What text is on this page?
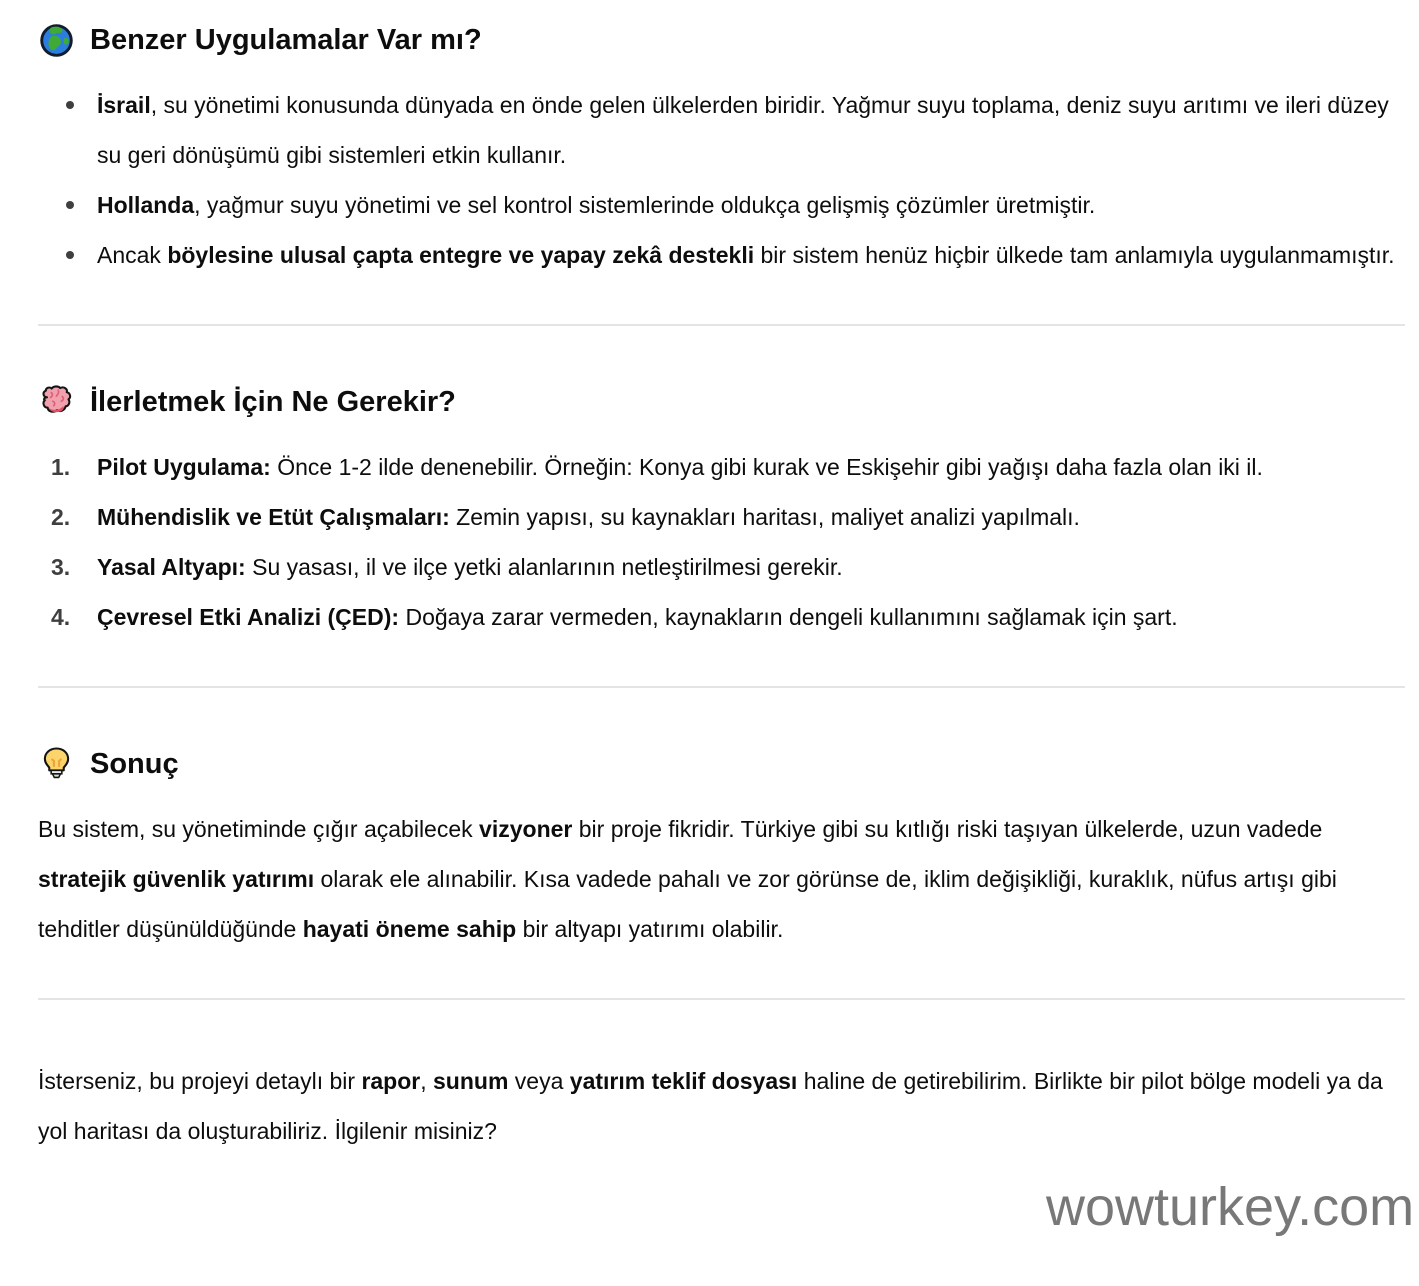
Benzer Uygulamalar Var mı?
İsrail, su yönetimi konusunda dünyada en önde gelen ülkelerden biridir. Yağmur suyu toplama, deniz suyu arıtımı ve ileri düzey su geri dönüşümü gibi sistemleri etkin kullanır.
Hollanda, yağmur suyu yönetimi ve sel kontrol sistemlerinde oldukça gelişmiş çözümler üretmiştir.
Ancak böylesine ulusal çapta entegre ve yapay zekâ destekli bir sistem henüz hiçbir ülkede tam anlamıyla uygulanmamıştır.
İlerletmek İçin Ne Gerekir?
Pilot Uygulama: Önce 1-2 ilde denenebilir. Örneğin: Konya gibi kurak ve Eskişehir gibi yağışı daha fazla olan iki il.
Mühendislik ve Etüt Çalışmaları: Zemin yapısı, su kaynakları haritası, maliyet analizi yapılmalı.
Yasal Altyapı: Su yasası, il ve ilçe yetki alanlarının netleştirilmesi gerekir.
Çevresel Etki Analizi (ÇED): Doğaya zarar vermeden, kaynakların dengeli kullanımını sağlamak için şart.
Sonuç

Bu sistem, su yönetiminde çığır açabilecek vizyoner bir proje fikridir. Türkiye gibi su kıtlığı riski taşıyan ülkelerde, uzun vadede stratejik güvenlik yatırımı olarak ele alınabilir. Kısa vadede pahalı ve zor görünse de, iklim değişikliği, kuraklık, nüfus artışı gibi tehditler düşünüldüğünde hayati öneme sahip bir altyapı yatırımı olabilir.

İsterseniz, bu projeyi detaylı bir rapor, sunum veya yatırım teklif dosyası haline de getirebilirim. Birlikte bir pilot bölge modeli ya da yol haritası da oluşturabiliriz. İlgilenir misiniz?

wowturkey.com
